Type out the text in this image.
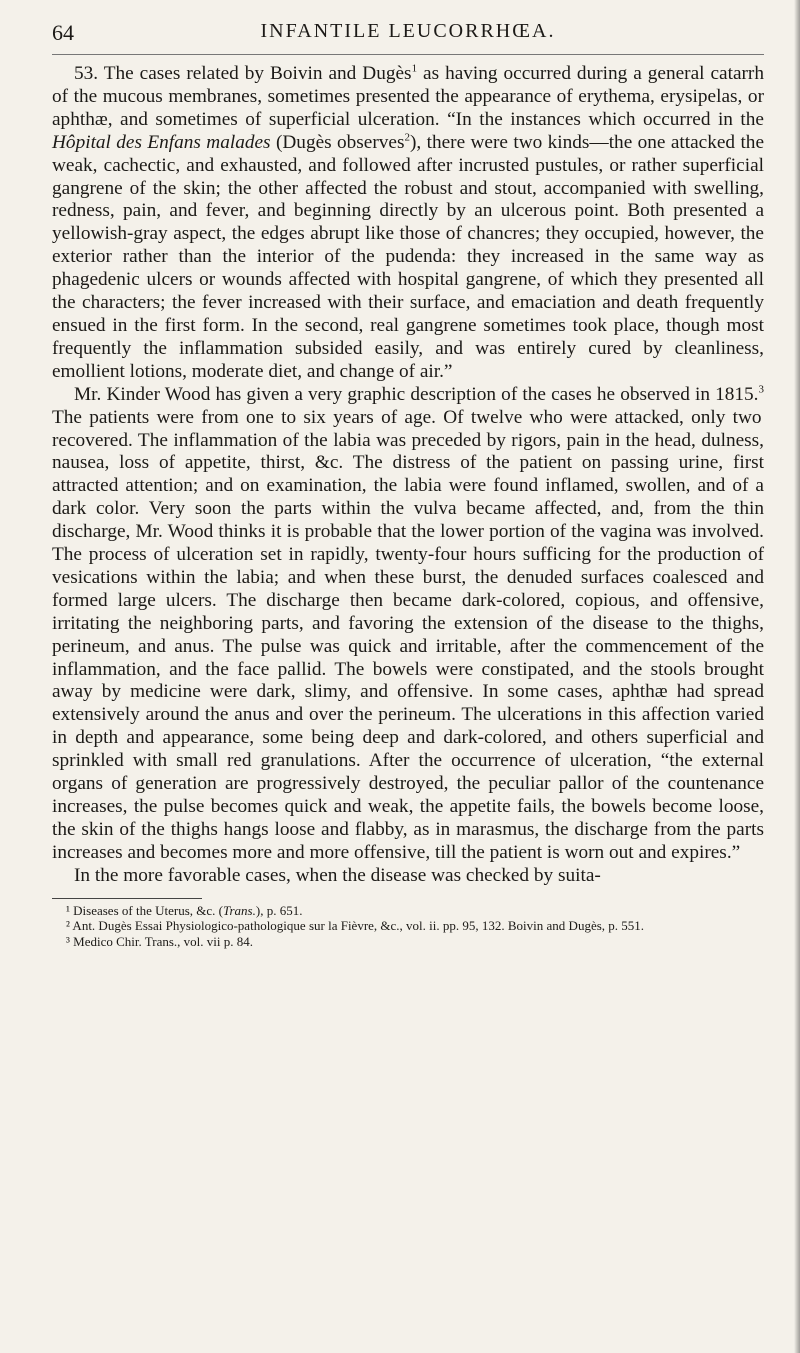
64	INFANTILE LEUCORRHŒA.

53. The cases related by Boivin and Dugès$^1$ as having occurred during a general catarrh of the mucous membranes, sometimes presented the appearance of erythema, erysipelas, or aphthæ, and sometimes of superficial ulceration. “In the instances which occurred in the Hôpital des Enfans malades (Dugès observes$^2$), there were two kinds—the one attacked the weak, cachectic, and exhausted, and followed after incrusted pustules, or rather superficial gangrene of the skin; the other affected the robust and stout, accompanied with swelling, redness, pain, and fever, and beginning directly by an ulcerous point. Both presented a yellowish-gray aspect, the edges abrupt like those of chancres; they occupied, however, the exterior rather than the interior of the pudenda: they increased in the same way as phagedenic ulcers or wounds affected with hospital gangrene, of which they presented all the characters; the fever increased with their surface, and emaciation and death frequently ensued in the first form. In the second, real gangrene sometimes took place, though most frequently the inflammation subsided easily, and was entirely cured by cleanliness, emollient lotions, moderate diet, and change of air.”

Mr. Kinder Wood has given a very graphic description of the cases he observed in 1815.$^3$ The patients were from one to six years of age. Of twelve who were attacked, only two recovered. The inflammation of the labia was preceded by rigors, pain in the head, dulness, nausea, loss of appetite, thirst, &c. The distress of the patient on passing urine, first attracted attention; and on examination, the labia were found inflamed, swollen, and of a dark color. Very soon the parts within the vulva became affected, and, from the thin discharge, Mr. Wood thinks it is probable that the lower portion of the vagina was involved. The process of ulceration set in rapidly, twenty-four hours sufficing for the production of vesications within the labia; and when these burst, the denuded surfaces coalesced and formed large ulcers. The discharge then became dark-colored, copious, and offensive, irritating the neighboring parts, and favoring the extension of the disease to the thighs, perineum, and anus. The pulse was quick and irritable, after the commencement of the inflammation, and the face pallid. The bowels were constipated, and the stools brought away by medicine were dark, slimy, and offensive. In some cases, aphthæ had spread extensively around the anus and over the perineum. The ulcerations in this affection varied in depth and appearance, some being deep and dark-colored, and others superficial and sprinkled with small red granulations. After the occurrence of ulceration, “the external organs of generation are progressively destroyed, the peculiar pallor of the countenance increases, the pulse becomes quick and weak, the appetite fails, the bowels become loose, the skin of the thighs hangs loose and flabby, as in marasmus, the discharge from the parts increases and becomes more and more offensive, till the patient is worn out and expires.”

In the more favorable cases, when the disease was checked by suita-

¹ Diseases of the Uterus, &c. (Trans.), p. 651.

² Ant. Dugès Essai Physiologico-pathologique sur la Fièvre, &c., vol. ii. pp. 95, 132. Boivin and Dugès, p. 551.

³ Medico Chir. Trans., vol. vii p. 84.
